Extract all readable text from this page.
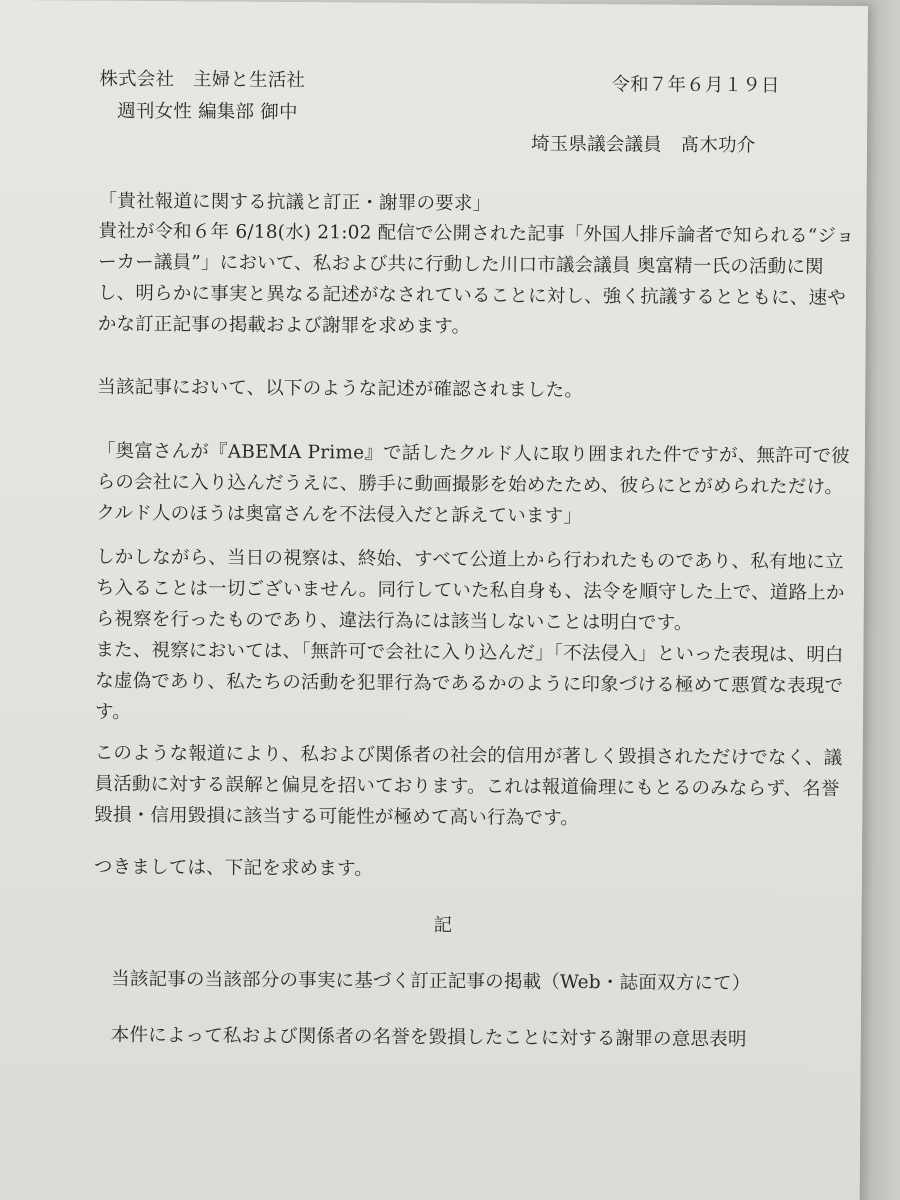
株式会社　主婦と生活社
週刊女性 編集部 御中
令和７年６月１９日
埼玉県議会議員　髙木功介
「貴社報道に関する抗議と訂正・謝罪の要求」
貴社が令和６年 6/18(水) 21:02 配信で公開された記事「外国人排斥論者で知られる“ジョ
ーカー議員”」において、私および共に行動した川口市議会議員 奥富精一氏の活動に関
し、明らかに事実と異なる記述がなされていることに対し、強く抗議するとともに、速や
かな訂正記事の掲載および謝罪を求めます。
当該記事において、以下のような記述が確認されました。
「奥富さんが『ABEMA Prime』で話したクルド人に取り囲まれた件ですが、無許可で彼
らの会社に入り込んだうえに、勝手に動画撮影を始めたため、彼らにとがめられただけ。
クルド人のほうは奥富さんを不法侵入だと訴えています」
しかしながら、当日の視察は、終始、すべて公道上から行われたものであり、私有地に立
ち入ることは一切ございません。同行していた私自身も、法令を順守した上で、道路上か
ら視察を行ったものであり、違法行為には該当しないことは明白です。
また、視察においては、「無許可で会社に入り込んだ」「不法侵入」といった表現は、明白
な虚偽であり、私たちの活動を犯罪行為であるかのように印象づける極めて悪質な表現で
す。
このような報道により、私および関係者の社会的信用が著しく毀損されただけでなく、議
員活動に対する誤解と偏見を招いております。これは報道倫理にもとるのみならず、名誉
毀損・信用毀損に該当する可能性が極めて高い行為です。
つきましては、下記を求めます。
記
当該記事の当該部分の事実に基づく訂正記事の掲載（Web・誌面双方にて）
本件によって私および関係者の名誉を毀損したことに対する謝罪の意思表明
